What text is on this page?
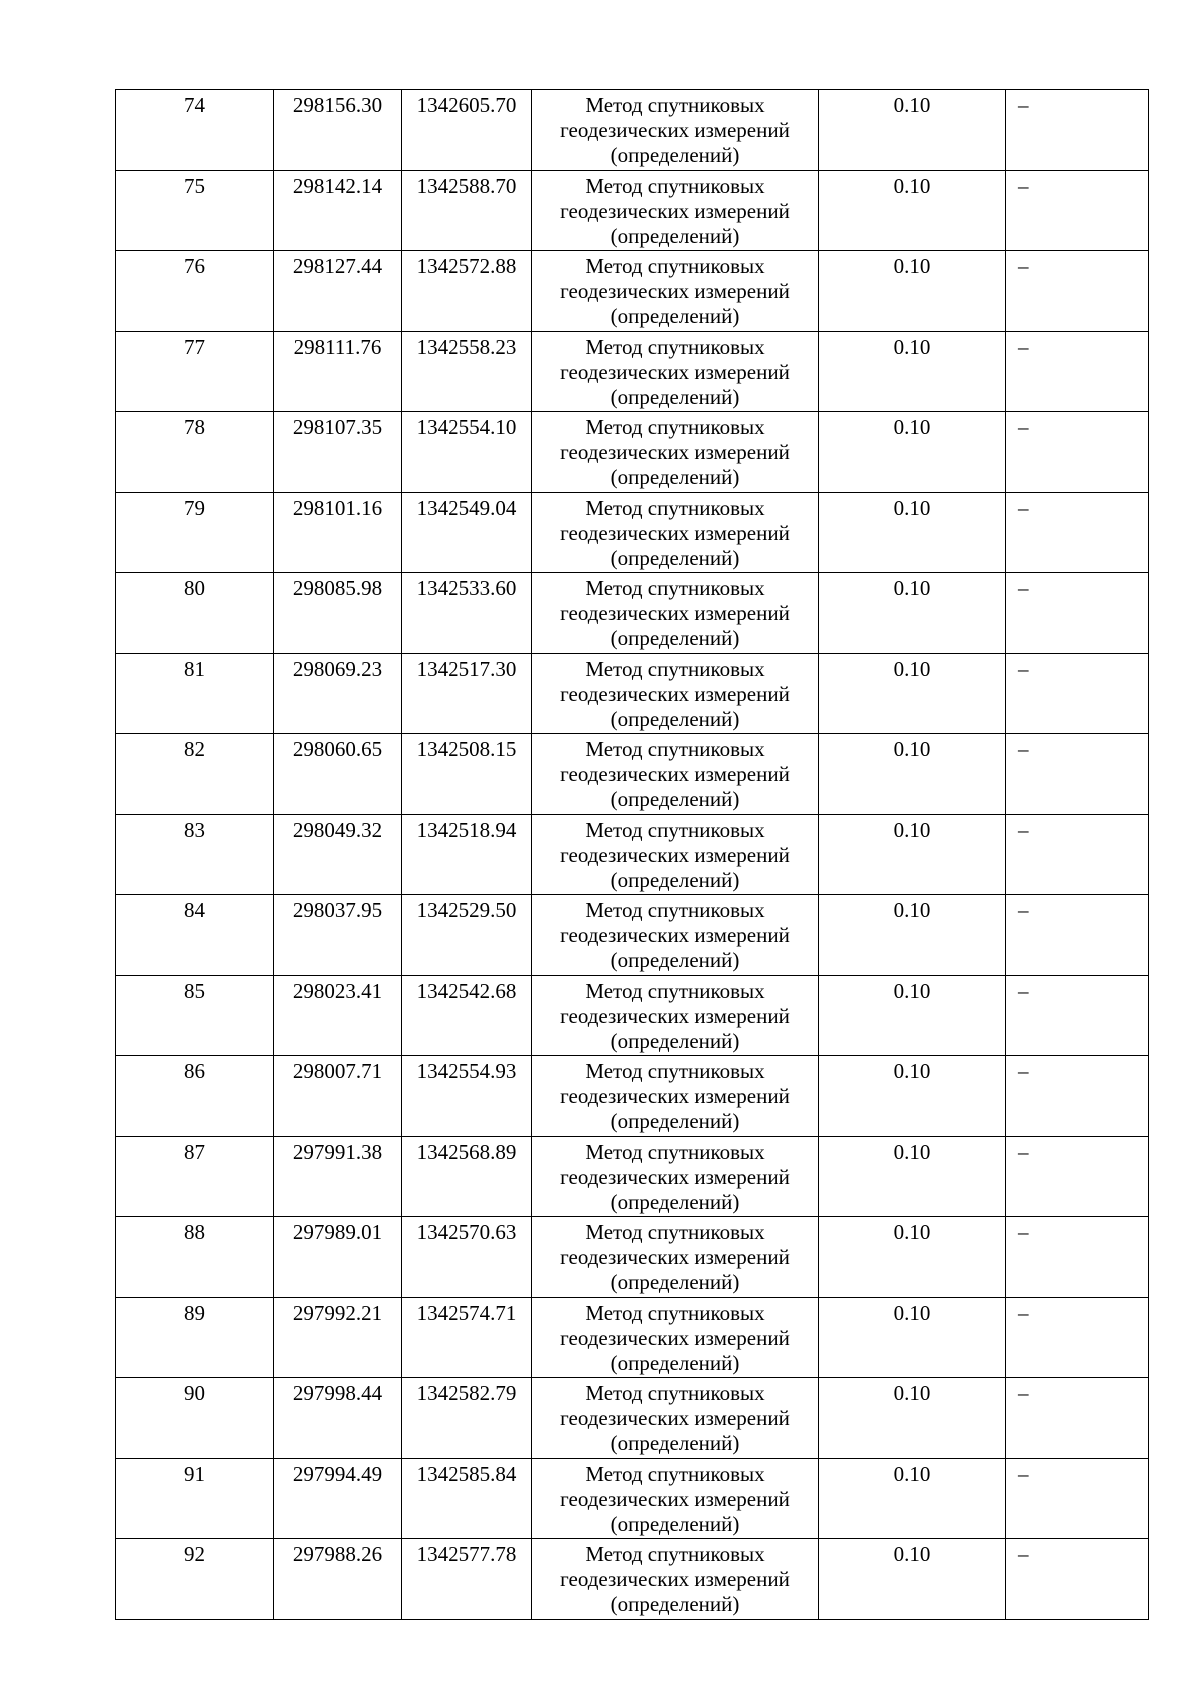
74	298156.30	1342605.70	Метод спутниковых
геодезических измерений
(определений)	0.10	–
75	298142.14	1342588.70	Метод спутниковых
геодезических измерений
(определений)	0.10	–
76	298127.44	1342572.88	Метод спутниковых
геодезических измерений
(определений)	0.10	–
77	298111.76	1342558.23	Метод спутниковых
геодезических измерений
(определений)	0.10	–
78	298107.35	1342554.10	Метод спутниковых
геодезических измерений
(определений)	0.10	–
79	298101.16	1342549.04	Метод спутниковых
геодезических измерений
(определений)	0.10	–
80	298085.98	1342533.60	Метод спутниковых
геодезических измерений
(определений)	0.10	–
81	298069.23	1342517.30	Метод спутниковых
геодезических измерений
(определений)	0.10	–
82	298060.65	1342508.15	Метод спутниковых
геодезических измерений
(определений)	0.10	–
83	298049.32	1342518.94	Метод спутниковых
геодезических измерений
(определений)	0.10	–
84	298037.95	1342529.50	Метод спутниковых
геодезических измерений
(определений)	0.10	–
85	298023.41	1342542.68	Метод спутниковых
геодезических измерений
(определений)	0.10	–
86	298007.71	1342554.93	Метод спутниковых
геодезических измерений
(определений)	0.10	–
87	297991.38	1342568.89	Метод спутниковых
геодезических измерений
(определений)	0.10	–
88	297989.01	1342570.63	Метод спутниковых
геодезических измерений
(определений)	0.10	–
89	297992.21	1342574.71	Метод спутниковых
геодезических измерений
(определений)	0.10	–
90	297998.44	1342582.79	Метод спутниковых
геодезических измерений
(определений)	0.10	–
91	297994.49	1342585.84	Метод спутниковых
геодезических измерений
(определений)	0.10	–
92	297988.26	1342577.78	Метод спутниковых
геодезических измерений
(определений)	0.10	–
